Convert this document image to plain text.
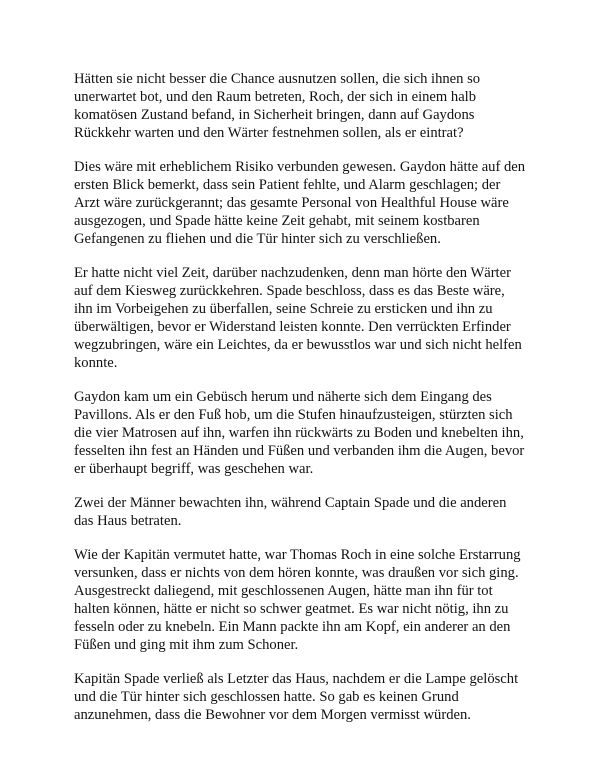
Hätten sie nicht besser die Chance ausnutzen sollen, die sich ihnen so unerwartet bot, und den Raum betreten, Roch, der sich in einem halb komatösen Zustand befand, in Sicherheit bringen, dann auf Gaydons Rückkehr warten und den Wärter festnehmen sollen, als er eintrat?

Dies wäre mit erheblichem Risiko verbunden gewesen. Gaydon hätte auf den ersten Blick bemerkt, dass sein Patient fehlte, und Alarm geschlagen; der Arzt wäre zurückgerannt; das gesamte Personal von Healthful House wäre ausgezogen, und Spade hätte keine Zeit gehabt, mit seinem kostbaren Gefangenen zu fliehen und die Tür hinter sich zu verschließen.

Er hatte nicht viel Zeit, darüber nachzudenken, denn man hörte den Wärter auf dem Kiesweg zurückkehren. Spade beschloss, dass es das Beste wäre, ihn im Vorbeigehen zu überfallen, seine Schreie zu ersticken und ihn zu überwältigen, bevor er Widerstand leisten konnte. Den verrückten Erfinder wegzubringen, wäre ein Leichtes, da er bewusstlos war und sich nicht helfen konnte.

Gaydon kam um ein Gebüsch herum und näherte sich dem Eingang des Pavillons. Als er den Fuß hob, um die Stufen hinaufzusteigen, stürzten sich die vier Matrosen auf ihn, warfen ihn rückwärts zu Boden und knebelten ihn, fesselten ihn fest an Händen und Füßen und verbanden ihm die Augen, bevor er überhaupt begriff, was geschehen war.

Zwei der Männer bewachten ihn, während Captain Spade und die anderen das Haus betraten.

Wie der Kapitän vermutet hatte, war Thomas Roch in eine solche Erstarrung versunken, dass er nichts von dem hören konnte, was draußen vor sich ging. Ausgestreckt daliegend, mit geschlossenen Augen, hätte man ihn für tot halten können, hätte er nicht so schwer geatmet. Es war nicht nötig, ihn zu fesseln oder zu knebeln. Ein Mann packte ihn am Kopf, ein anderer an den Füßen und ging mit ihm zum Schoner.

Kapitän Spade verließ als Letzter das Haus, nachdem er die Lampe gelöscht und die Tür hinter sich geschlossen hatte. So gab es keinen Grund anzunehmen, dass die Bewohner vor dem Morgen vermisst würden.
